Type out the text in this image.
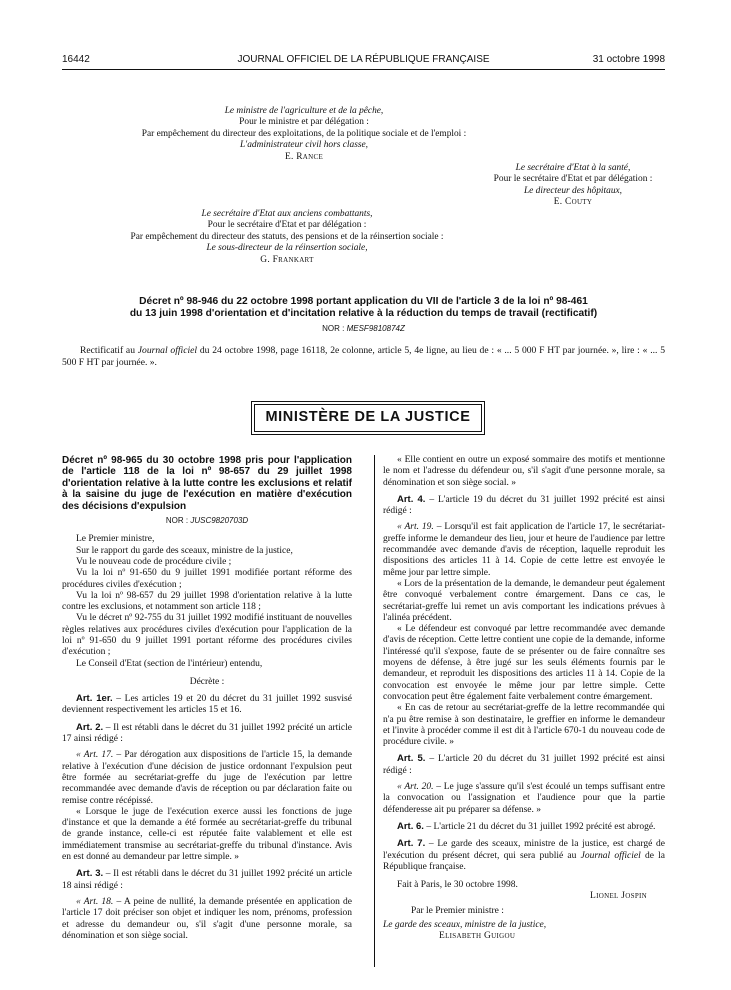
16442	JOURNAL OFFICIEL DE LA RÉPUBLIQUE FRANÇAISE	31 octobre 1998
Le ministre de l'agriculture et de la pêche,
Pour le ministre et par délégation :
Par empêchement du directeur des exploitations, de la politique sociale et de l'emploi :
L'administrateur civil hors classe,
E. Rance
Le secrétaire d'Etat à la santé,
Pour le secrétaire d'Etat et par délégation :
Le directeur des hôpitaux,
E. Couty
Le secrétaire d'Etat aux anciens combattants,
Pour le secrétaire d'Etat et par délégation :
Par empêchement du directeur des statuts, des pensions et de la réinsertion sociale :
Le sous-directeur de la réinsertion sociale,
G. Frankart
Décret nº 98-946 du 22 octobre 1998 portant application du VII de l'article 3 de la loi nº 98-461
du 13 juin 1998 d'orientation et d'incitation relative à la réduction du temps de travail (rectificatif)
NOR : MESF9810874Z
Rectificatif au Journal officiel du 24 octobre 1998, page 16118, 2e colonne, article 5, 4e ligne, au lieu de : « ... 5 000 F HT par journée. », lire : « ... 5 500 F HT par journée. ».
MINISTÈRE DE LA JUSTICE

Décret nº 98-965 du 30 octobre 1998 pris pour l'application de l'article 118 de la loi nº 98-657 du 29 juillet 1998 d'orientation relative à la lutte contre les exclusions et relatif à la saisine du juge de l'exécution en matière d'exécution des décisions d'expulsion

NOR : JUSC9820703D

Le Premier ministre,

Sur le rapport du garde des sceaux, ministre de la justice,

Vu le nouveau code de procédure civile ;

Vu la loi nº 91-650 du 9 juillet 1991 modifiée portant réforme des procédures civiles d'exécution ;

Vu la loi nº 98-657 du 29 juillet 1998 d'orientation relative à la lutte contre les exclusions, et notamment son article 118 ;

Vu le décret nº 92-755 du 31 juillet 1992 modifié instituant de nouvelles règles relatives aux procédures civiles d'exécution pour l'application de la loi nº 91-650 du 9 juillet 1991 portant réforme des procédures civiles d'exécution ;

Le Conseil d'Etat (section de l'intérieur) entendu,

Décrète :

Art. 1er. – Les articles 19 et 20 du décret du 31 juillet 1992 susvisé deviennent respectivement les articles 15 et 16.

Art. 2. – Il est rétabli dans le décret du 31 juillet 1992 précité un article 17 ainsi rédigé :

« Art. 17. – Par dérogation aux dispositions de l'article 15, la demande relative à l'exécution d'une décision de justice ordonnant l'expulsion peut être formée au secrétariat-greffe du juge de l'exécution par lettre recommandée avec demande d'avis de réception ou par déclaration faite ou remise contre récépissé.

« Lorsque le juge de l'exécution exerce aussi les fonctions de juge d'instance et que la demande a été formée au secrétariat-greffe du tribunal de grande instance, celle-ci est réputée faite valablement et elle est immédiatement transmise au secrétariat-greffe du tribunal d'instance. Avis en est donné au demandeur par lettre simple. »

Art. 3. – Il est rétabli dans le décret du 31 juillet 1992 précité un article 18 ainsi rédigé :

« Art. 18. – A peine de nullité, la demande présentée en application de l'article 17 doit préciser son objet et indiquer les nom, prénoms, profession et adresse du demandeur ou, s'il s'agit d'une personne morale, sa dénomination et son siège social.

« Elle contient en outre un exposé sommaire des motifs et mentionne le nom et l'adresse du défendeur ou, s'il s'agit d'une personne morale, sa dénomination et son siège social. »

Art. 4. – L'article 19 du décret du 31 juillet 1992 précité est ainsi rédigé :

« Art. 19. – Lorsqu'il est fait application de l'article 17, le secrétariat-greffe informe le demandeur des lieu, jour et heure de l'audience par lettre recommandée avec demande d'avis de réception, laquelle reproduit les dispositions des articles 11 à 14. Copie de cette lettre est envoyée le même jour par lettre simple.

« Lors de la présentation de la demande, le demandeur peut également être convoqué verbalement contre émargement. Dans ce cas, le secrétariat-greffe lui remet un avis comportant les indications prévues à l'alinéa précédent.

« Le défendeur est convoqué par lettre recommandée avec demande d'avis de réception. Cette lettre contient une copie de la demande, informe l'intéressé qu'il s'expose, faute de se présenter ou de faire connaître ses moyens de défense, à être jugé sur les seuls éléments fournis par le demandeur, et reproduit les dispositions des articles 11 à 14. Copie de la convocation est envoyée le même jour par lettre simple. Cette convocation peut être également faite verbalement contre émargement.

« En cas de retour au secrétariat-greffe de la lettre recommandée qui n'a pu être remise à son destinataire, le greffier en informe le demandeur et l'invite à procéder comme il est dit à l'article 670-1 du nouveau code de procédure civile. »

Art. 5. – L'article 20 du décret du 31 juillet 1992 précité est ainsi rédigé :

« Art. 20. – Le juge s'assure qu'il s'est écoulé un temps suffisant entre la convocation ou l'assignation et l'audience pour que la partie défenderesse ait pu préparer sa défense. »

Art. 6. – L'article 21 du décret du 31 juillet 1992 précité est abrogé.

Art. 7. – Le garde des sceaux, ministre de la justice, est chargé de l'exécution du présent décret, qui sera publié au Journal officiel de la République française.

Fait à Paris, le 30 octobre 1998.

Lionel Jospin

Par le Premier ministre :

Le garde des sceaux, ministre de la justice,

Elisabeth Guigou
